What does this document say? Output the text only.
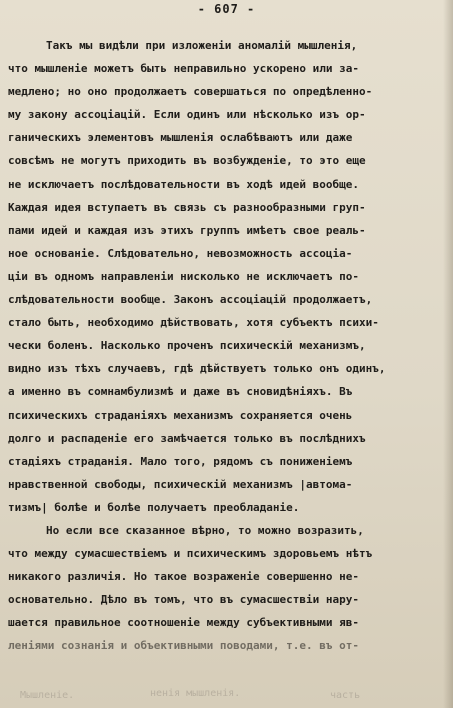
- 607 -
Такъ мы видѣли при изложеніи аномалій мышленія,
что мышленіе можетъ быть неправильно ускорено или за-
медлено; но оно продолжаетъ совершаться по опредѣленно-
му закону ассоціацій. Если одинъ или нѣсколько изъ ор-
ганическихъ элементовъ мышленія ослабѣваютъ или даже
совсѣмъ не могутъ приходить въ возбужденіе, то это еще
не исключаетъ послѣдовательности въ ходѣ идей вообще.
Каждая идея вступаетъ въ связь съ разнообразными груп-
пами идей и каждая изъ этихъ группъ имѣетъ свое реаль-
ное основаніе. Слѣдовательно, невозможность ассоціа-
ціи въ одномъ направленіи нисколько не исключаетъ по-
слѣдовательности вообще. Законъ ассоціацій продолжаетъ,
стало быть, необходимо дѣйствовать, хотя субъектъ психи-
чески боленъ. Насколько проченъ психическій механизмъ,
видно изъ тѣхъ случаевъ, гдѣ дѣйствуетъ только онъ одинъ,
а именно въ сомнамбулизмѣ и даже въ сновидѣніяхъ. Въ
психическихъ страданіяхъ механизмъ сохраняется очень
долго и распаденіе его замѣчается только въ послѣднихъ
стадіяхъ страданія. Мало того, рядомъ съ пониженіемъ
нравственной свободы, психическій механизмъ |автома-
тизмъ| болѣе и болѣе получаетъ преобладаніе.
Но если все сказанное вѣрно, то можно возразить,
что между сумасшествіемъ и психическимъ здоровьемъ нѣтъ
никакого различія. Но такое возраженіе совершенно не-
основательно. Дѣло въ томъ, что въ сумасшествіи нару-
шается правильное соотношеніе между субъективными яв-
леніями сознанія и объективными поводами, т.е. въ от-
ненія мышленія.
Мышленіе.	часть
